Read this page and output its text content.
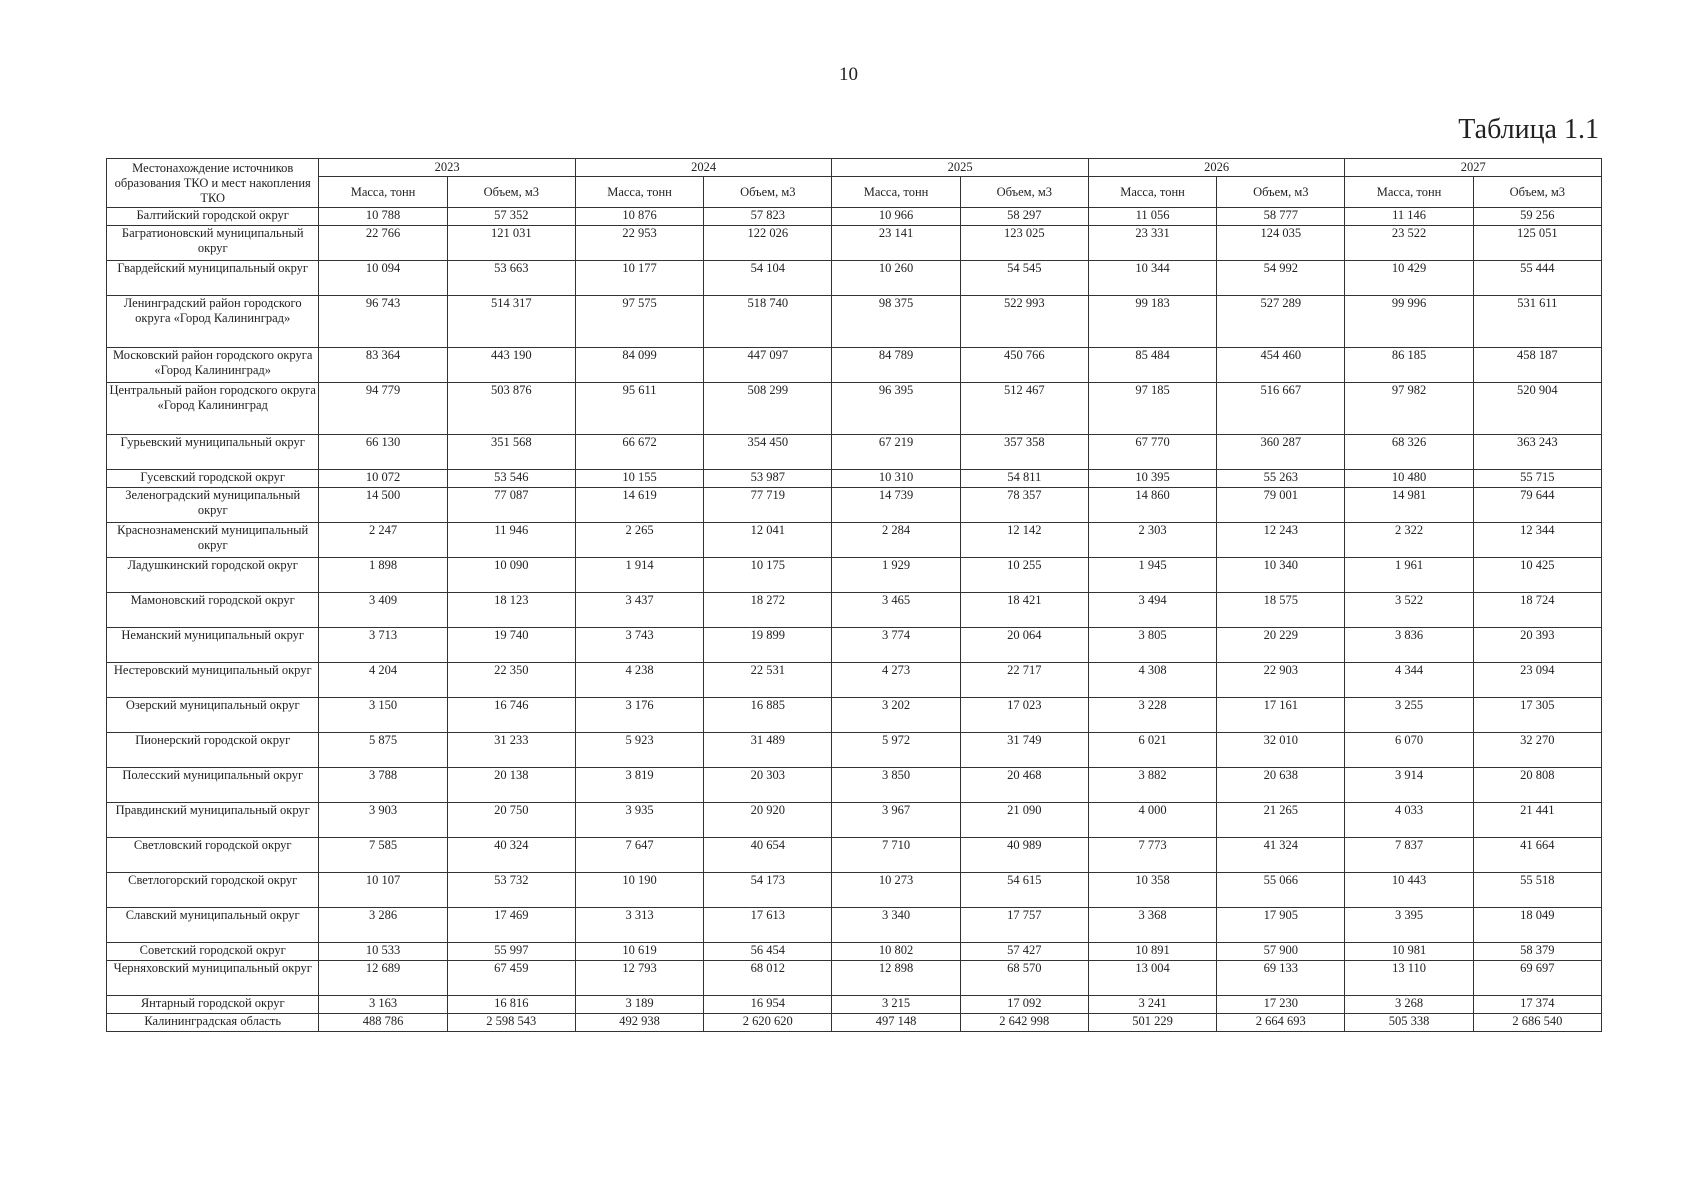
10
Таблица 1.1
Местонахождение источников образования ТКО и мест накопления ТКО	2023		2024		2025		2026		2027	
	Масса, тонн	Объем, м3	Масса, тонн	Объем, м3	Масса, тонн	Объем, м3	Масса, тонн	Объем, м3	Масса, тонн	Объем, м3
Балтийский городской округ	10 788	57 352	10 876	57 823	10 966	58 297	11 056	58 777	11 146	59 256
Багратионовский муниципальный округ	22 766	121 031	22 953	122 026	23 141	123 025	23 331	124 035	23 522	125 051
Гвардейский муниципальный округ	10 094	53 663	10 177	54 104	10 260	54 545	10 344	54 992	10 429	55 444
Ленинградский район городского округа «Город Калининград»	96 743	514 317	97 575	518 740	98 375	522 993	99 183	527 289	99 996	531 611
Московский район городского округа «Город Калининград»	83 364	443 190	84 099	447 097	84 789	450 766	85 484	454 460	86 185	458 187
Центральный район городского округа «Город Калининград	94 779	503 876	95 611	508 299	96 395	512 467	97 185	516 667	97 982	520 904
Гурьевский муниципальный округ	66 130	351 568	66 672	354 450	67 219	357 358	67 770	360 287	68 326	363 243
Гусевский городской округ	10 072	53 546	10 155	53 987	10 310	54 811	10 395	55 263	10 480	55 715
Зеленоградский муниципальный округ	14 500	77 087	14 619	77 719	14 739	78 357	14 860	79 001	14 981	79 644
Краснознаменский муниципальный округ	2 247	11 946	2 265	12 041	2 284	12 142	2 303	12 243	2 322	12 344
Ладушкинский городской округ	1 898	10 090	1 914	10 175	1 929	10 255	1 945	10 340	1 961	10 425
Мамоновский городской округ	3 409	18 123	3 437	18 272	3 465	18 421	3 494	18 575	3 522	18 724
Неманский муниципальный округ	3 713	19 740	3 743	19 899	3 774	20 064	3 805	20 229	3 836	20 393
Нестеровский муниципальный округ	4 204	22 350	4 238	22 531	4 273	22 717	4 308	22 903	4 344	23 094
Озерский муниципальный округ	3 150	16 746	3 176	16 885	3 202	17 023	3 228	17 161	3 255	17 305
Пионерский городской округ	5 875	31 233	5 923	31 489	5 972	31 749	6 021	32 010	6 070	32 270
Полесский муниципальный округ	3 788	20 138	3 819	20 303	3 850	20 468	3 882	20 638	3 914	20 808
Правдинский муниципальный округ	3 903	20 750	3 935	20 920	3 967	21 090	4 000	21 265	4 033	21 441
Светловский городской округ	7 585	40 324	7 647	40 654	7 710	40 989	7 773	41 324	7 837	41 664
Светлогорский городской округ	10 107	53 732	10 190	54 173	10 273	54 615	10 358	55 066	10 443	55 518
Славский муниципальный округ	3 286	17 469	3 313	17 613	3 340	17 757	3 368	17 905	3 395	18 049
Советский городской округ	10 533	55 997	10 619	56 454	10 802	57 427	10 891	57 900	10 981	58 379
Черняховский муниципальный округ	12 689	67 459	12 793	68 012	12 898	68 570	13 004	69 133	13 110	69 697
Янтарный городской округ	3 163	16 816	3 189	16 954	3 215	17 092	3 241	17 230	3 268	17 374
Калининградская область	488 786	2 598 543	492 938	2 620 620	497 148	2 642 998	501 229	2 664 693	505 338	2 686 540
